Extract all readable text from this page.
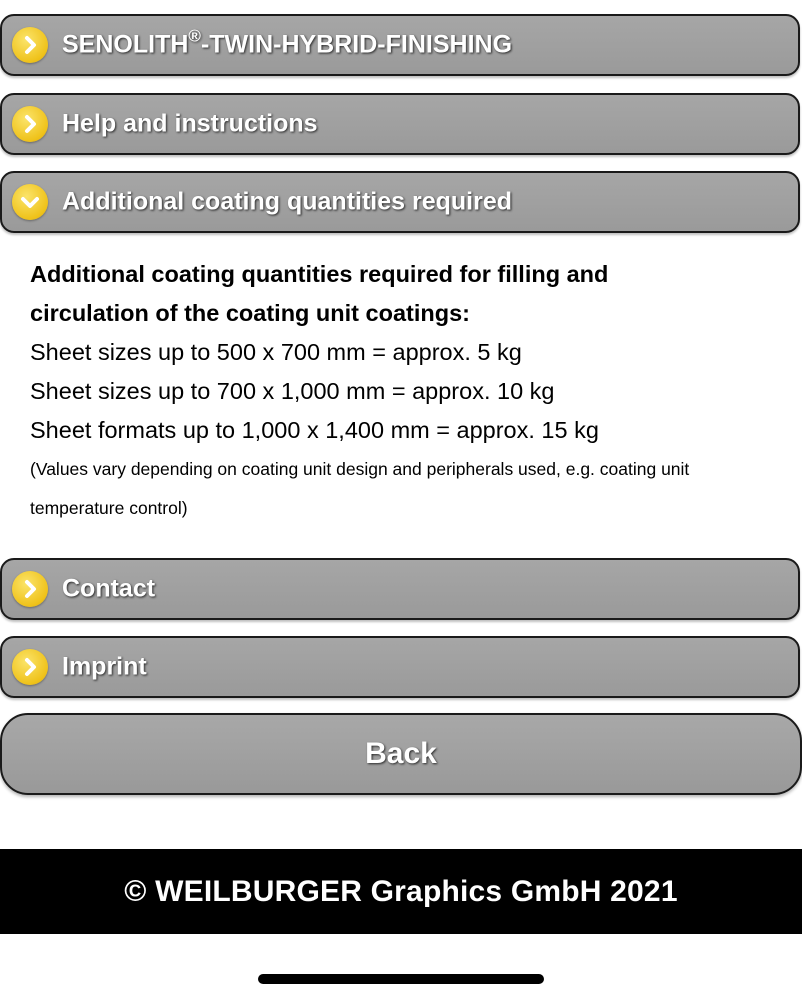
SENOLITH®-TWIN-HYBRID-FINISHING
Help and instructions
Additional coating quantities required
Additional coating quantities required for filling and
circulation of the coating unit coatings:
Sheet sizes up to 500 x 700 mm = approx. 5 kg
Sheet sizes up to 700 x 1,000 mm = approx. 10 kg
Sheet formats up to 1,000 x 1,400 mm = approx. 15 kg
(Values vary depending on coating unit design and peripherals used, e.g. coating unit
temperature control)
Contact
Imprint
Back
© WEILBURGER Graphics GmbH 2021
